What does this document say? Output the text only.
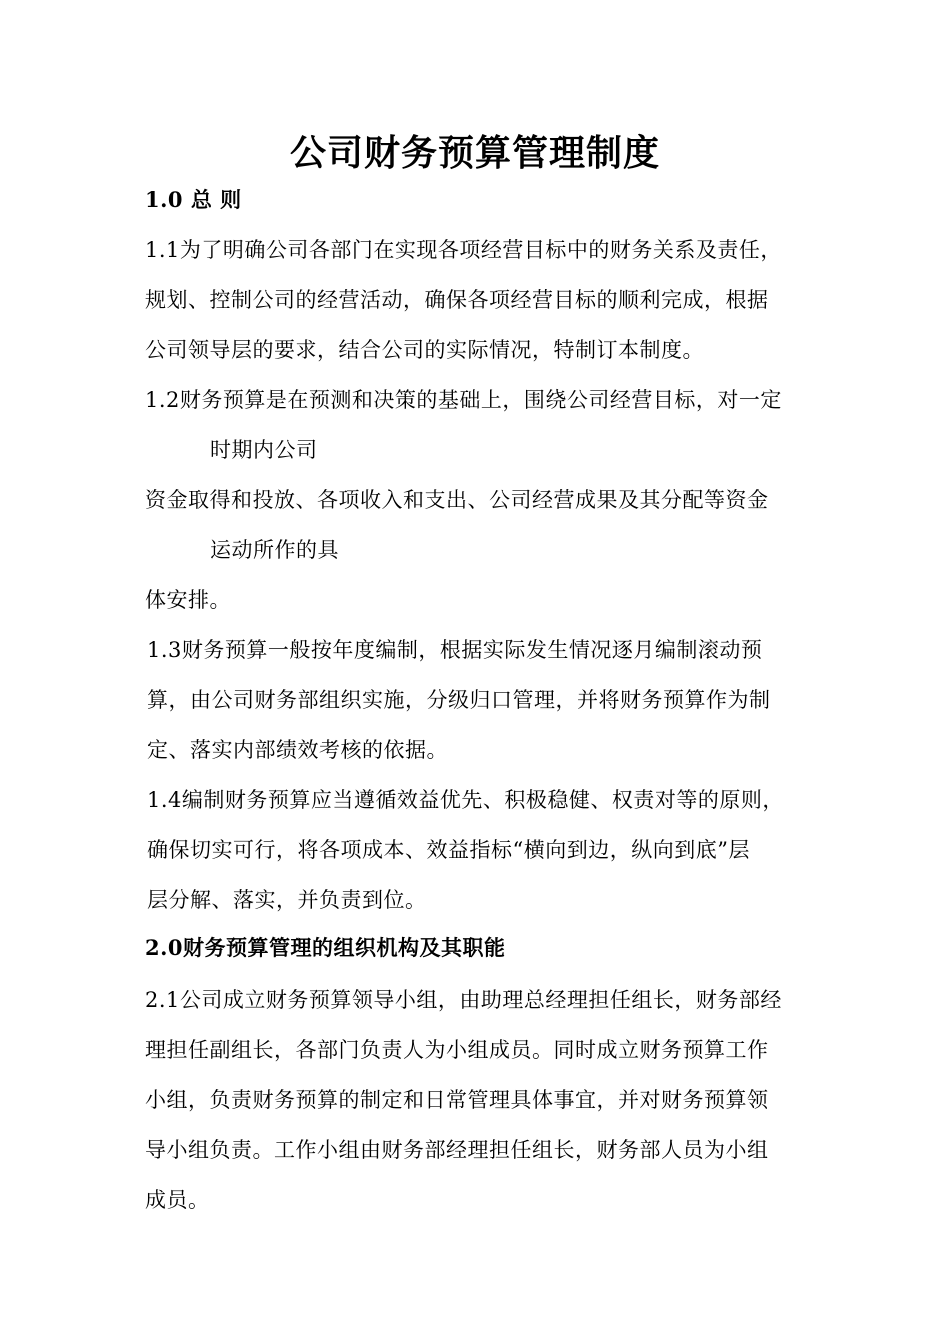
公司财务预算管理制度
1.0 总 则
1.1为了明确公司各部门在实现各项经营目标中的财务关系及责任，
规划、控制公司的经营活动，确保各项经营目标的顺利完成，根据
公司领导层的要求，结合公司的实际情况，特制订本制度。
1.2财务预算是在预测和决策的基础上，围绕公司经营目标，对一定
时期内公司
资金取得和投放、各项收入和支出、公司经营成果及其分配等资金
运动所作的具
体安排。
1.3财务预算一般按年度编制，根据实际发生情况逐月编制滚动预
算，由公司财务部组织实施，分级归口管理，并将财务预算作为制
定、落实内部绩效考核的依据。
1.4编制财务预算应当遵循效益优先、积极稳健、权责对等的原则，
确保切实可行，将各项成本、效益指标“横向到边，纵向到底”层
层分解、落实，并负责到位。
2.0财务预算管理的组织机构及其职能
2.1公司成立财务预算领导小组，由助理总经理担任组长，财务部经
理担任副组长，各部门负责人为小组成员。同时成立财务预算工作
小组，负责财务预算的制定和日常管理具体事宜，并对财务预算领
导小组负责。工作小组由财务部经理担任组长，财务部人员为小组
成员。
